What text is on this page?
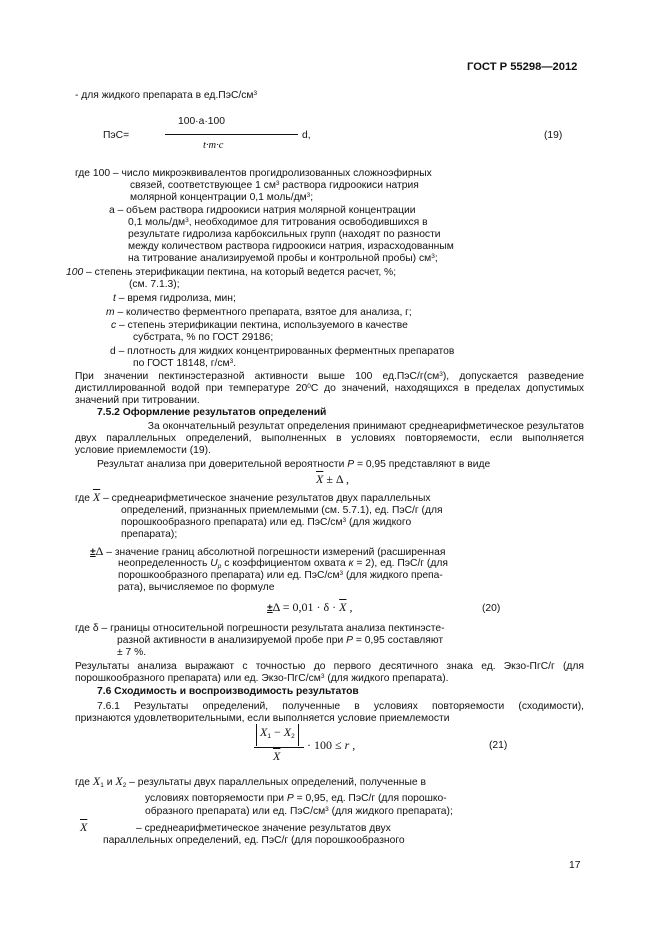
ГОСТ Р 55298—2012
- для жидкого препарата в $ед.ПэС/см^3$
ПэС=
100·a·100
t·m·c
d,	(19)
где 100 – число микроэквивалентов прогидролизованных сложноэфирных
связей, соответствующее 1 $см^3$ раствора гидроокиси натрия
молярной концентрации 0,1 моль/$дм^3$;
а – объем раствора гидроокиси натрия молярной концентрации
0,1 моль/$дм^3$, необходимое для титрования освободившихся в
результате гидролиза карбоксильных групп (находят по разности
между количеством раствора гидроокиси натрия, израсходованным
на титрование анализируемой пробы и контрольной пробы) $см^3$;
100 – степень этерификации пектина, на который ведется расчет, %;
(см. 7.1.3);
t – время гидролиза, мин;
m – количество ферментного препарата, взятое для анализа, г;
c – степень этерификации пектина, используемого в качестве
субстрата, % по ГОСТ 29186;
d – плотность для жидких концентрированных ферментных препаратов
по ГОСТ 18148, $г/см^3$.
При значении пектинэстеразной активности выше 100 $ед.ПэС/г(см^3)$, допускается разведение
дистиллированной водой при температуре $20^0С$ до значений, находящихся в пределах допустимых
значений при титровании.
7.5.2 Оформление результатов определений
За окончательный результат определения принимают среднеарифметическое результатов
двух параллельных определений, выполненных в условиях повторяемости, если выполняется
условие приемлемости (19).
Результат анализа при доверительной вероятности P = 0,95 представляют в виде
$\overline{X} \pm \Delta$ ,
где $\overline{X}$ – среднеарифметическое значение результатов двух параллельных
определений, признанных приемлемыми (см. 5.7.1), ед. ПэС/г (для
порошкообразного препарата) или ед. ПэС/$см^3$ (для жидкого
препарата);
±Δ – значение границ абсолютной погрешности измерений (расширенная
неопределенность $U_p$ с коэффициентом охвата к = 2), ед. ПэС/г (для
порошкообразного препарата) или ед. ПэС/$см^3$ (для жидкого препа-
рата), вычисляемое по формуле
$\pm\Delta = 0,01 \cdot \delta \cdot \overline{X}$ ,	(20)
где δ – границы относительной погрешности результата анализа пектинэсте-
разной активности в анализируемой пробе при P = 0,95 составляют
± 7 %.
Результаты анализа выражают с точностью до первого десятичного знака ед. Экзо-ПгС/г (для
порошкообразного препарата) или ед. Экзо-$ПгС/см^3$ (для жидкого препарата).
7.6 Сходимость и воспроизводимость результатов
7.6.1 Результаты определений, полученные в условиях повторяемости (сходимости),
признаются удовлетворительными, если выполняется условие приемлемости
$X_1 - X_2$
$\overline{X}$
· 100 ≤ r ,	(21)
где $X_1$ и $X_2$ – результаты двух параллельных определений, полученные в
условиях повторяемости при P = 0,95, ед. ПэС/г (для порошко-
образного препарата) или ед. ПэС/$см^3$ (для жидкого препарата);
$\overline{X}$	– среднеарифметическое значение результатов двух
параллельных определений, ед. ПэС/г (для порошкообразного
17
